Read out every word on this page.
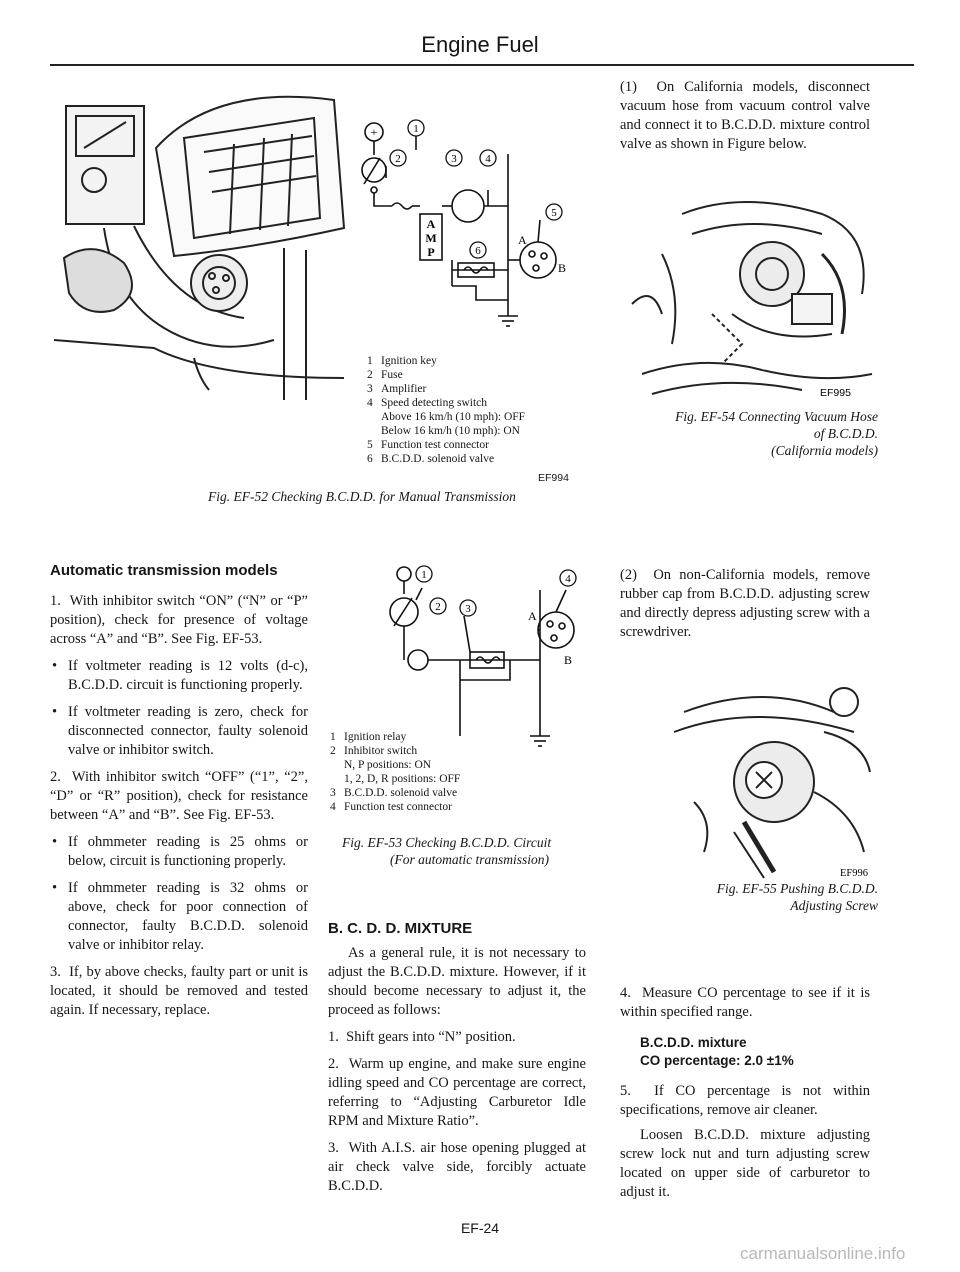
Engine Fuel
+	1
2	3	4
5
6
A
M
P
A
B
1 Ignition key
2 Fuse
3 Amplifier
4 Speed detecting switch
Above 16 km/h (10 mph): OFF
Below 16 km/h (10 mph): ON
5 Function test connector
6 B.C.D.D. solenoid valve
EF994
Fig. EF-52 Checking B.C.D.D. for Manual Transmission
Automatic transmission models

1.  With inhibitor switch “ON” (“N” or “P” position), check for presence of voltage across “A” and “B”. See Fig. EF-53.

• If voltmeter reading is 12 volts (d-c), B.C.D.D. circuit is functioning properly.
• If voltmeter reading is zero, check for disconnected connector, faulty solenoid valve or inhibitor switch.

2.  With inhibitor switch “OFF” (“1”, “2”, “D” or “R” position), check for resistance between “A” and “B”. See Fig. EF-53.

• If ohmmeter reading is 25 ohms or below, circuit is functioning properly.
• If ohmmeter reading is 32 ohms or above, check for poor connection of connector, faulty B.C.D.D. solenoid valve or inhibitor relay.

3.  If, by above checks, faulty part or unit is located, it should be removed and tested again. If necessary, replace.

1
2 3
4
A
B
1 Ignition relay
2 Inhibitor switch
N, P positions: ON
1, 2, D, R positions: OFF
3 B.C.D.D. solenoid valve
4 Function test connector
Fig. EF-53 Checking B.C.D.D. Circuit
(For automatic transmission)
B. C. D. D. MIXTURE

As a general rule, it is not necessary to adjust the B.C.D.D. mixture. However, if it should become necessary to adjust it, the proceed as follows:

1.  Shift gears into “N” position.

2.  Warm up engine, and make sure engine idling speed and CO percentage are correct, referring to “Adjusting Carburetor Idle RPM and Mixture Ratio”.

3.  With A.I.S. air hose opening plugged at air check valve side, forcibly actuate B.C.D.D.

(1)  On California models, disconnect vacuum hose from vacuum control valve and connect it to B.C.D.D. mixture control valve as shown in Figure below.
EF995
Fig. EF-54 Connecting Vacuum Hose
of B.C.D.D.
(California models)
(2)  On non-California models, remove rubber cap from B.C.D.D. adjusting screw and directly depress adjusting screw with a screwdriver.
EF996
Fig. EF-55 Pushing B.C.D.D.
Adjusting Screw
4.  Measure CO percentage to see if it is within specified range.
B.C.D.D. mixture
CO percentage: 2.0 ±1%
5.  If CO percentage is not within specifications, remove air cleaner.
Loosen B.C.D.D. mixture adjusting screw lock nut and turn adjusting screw located on upper side of carburetor to adjust it.
EF-24
carmanualsonline.info
